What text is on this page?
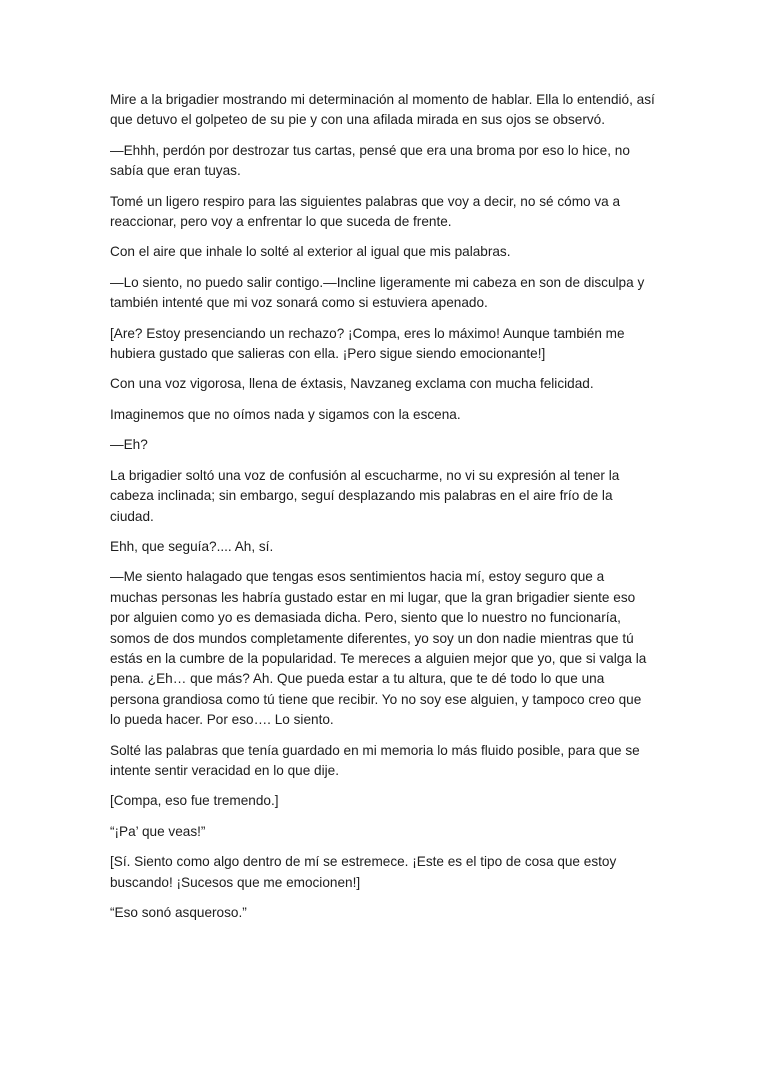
Mire a la brigadier mostrando mi determinación al momento de hablar. Ella lo entendió, así que detuvo el golpeteo de su pie y con una afilada mirada en sus ojos se observó.

—Ehhh, perdón por destrozar tus cartas, pensé que era una broma por eso lo hice, no sabía que eran tuyas.

Tomé un ligero respiro para las siguientes palabras que voy a decir, no sé cómo va a reaccionar, pero voy a enfrentar lo que suceda de frente.

Con el aire que inhale lo solté al exterior al igual que mis palabras.

—Lo siento, no puedo salir contigo.—Incline ligeramente mi cabeza en son de disculpa y también intenté que mi voz sonará como si estuviera apenado.

[Are? Estoy presenciando un rechazo? ¡Compa, eres lo máximo! Aunque también me hubiera gustado que salieras con ella. ¡Pero sigue siendo emocionante!]

Con una voz vigorosa, llena de éxtasis, Navzaneg exclama con mucha felicidad.

Imaginemos que no oímos nada y sigamos con la escena.

—Eh?

La brigadier soltó una voz de confusión al escucharme, no vi su expresión al tener la cabeza inclinada; sin embargo, seguí desplazando mis palabras en el aire frío de la ciudad.

Ehh, que seguía?.... Ah, sí.

—Me siento halagado que tengas esos sentimientos hacia mí, estoy seguro que a muchas personas les habría gustado estar en mi lugar, que la gran brigadier siente eso por alguien como yo es demasiada dicha. Pero, siento que lo nuestro no funcionaría, somos de dos mundos completamente diferentes, yo soy un don nadie mientras que tú estás en la cumbre de la popularidad. Te mereces a alguien mejor que yo, que si valga la pena. ¿Eh… que más? Ah. Que pueda estar a tu altura, que te dé todo lo que una persona grandiosa como tú tiene que recibir. Yo no soy ese alguien, y tampoco creo que lo pueda hacer. Por eso…. Lo siento.

Solté las palabras que tenía guardado en mi memoria lo más fluido posible, para que se intente sentir veracidad en lo que dije.

[Compa, eso fue tremendo.]

“¡Pa’ que veas!”

[Sí. Siento como algo dentro de mí se estremece. ¡Este es el tipo de cosa que estoy buscando! ¡Sucesos que me emocionen!]

“Eso sonó asqueroso.”
